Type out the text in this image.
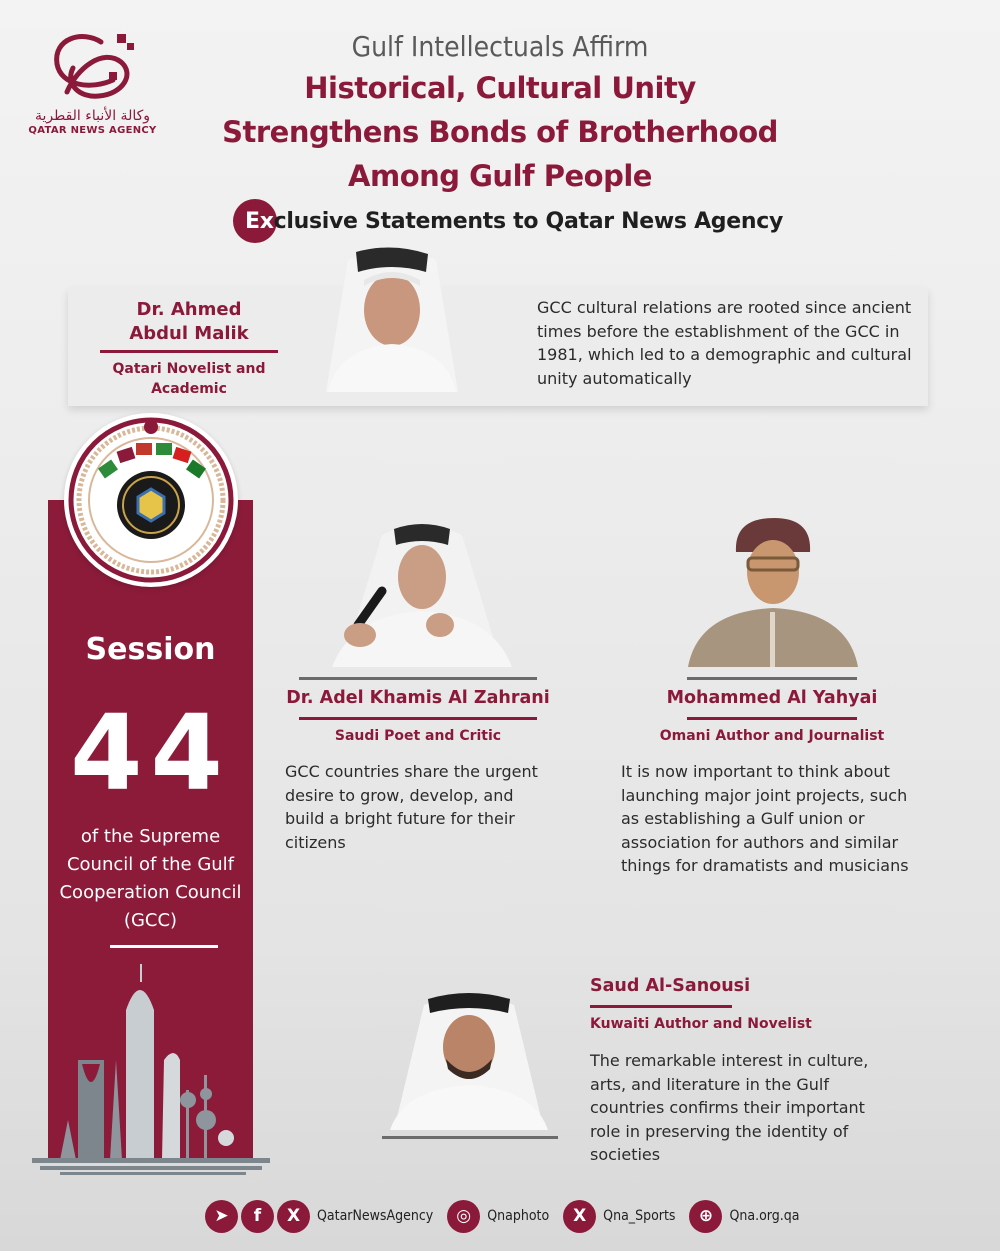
وكالة الأنباء القطرية
QATAR NEWS AGENCY
Gulf Intellectuals Affirm
Historical, Cultural Unity
Strengthens Bonds of Brotherhood
Among Gulf People
Exclusive Statements to Qatar News Agency
Dr. Ahmed
Abdul Malik
Qatari Novelist and
Academic
GCC cultural relations are rooted since ancient times before the establishment of the GCC in 1981, which led to a demographic and cultural unity automatically
Session
44
of the Supreme Council of the Gulf Cooperation Council (GCC)
Dr. Adel Khamis Al Zahrani
Saudi Poet and Critic
GCC countries share the urgent desire to grow, develop, and build a bright future for their citizens
Mohammed Al Yahyai
Omani Author and Journalist
It is now important to think about launching major joint projects, such as establishing a Gulf union or association for authors and similar things for dramatists and musicians
Saud Al-Sanousi
Kuwaiti Author and Novelist
The remarkable interest in culture, arts, and literature in the Gulf countries confirms their important role in preserving the identity of societies
➤	f	X	QatarNewsAgency	◎	Qnaphoto	X	Qna_Sports	⊕	Qna.org.qa
